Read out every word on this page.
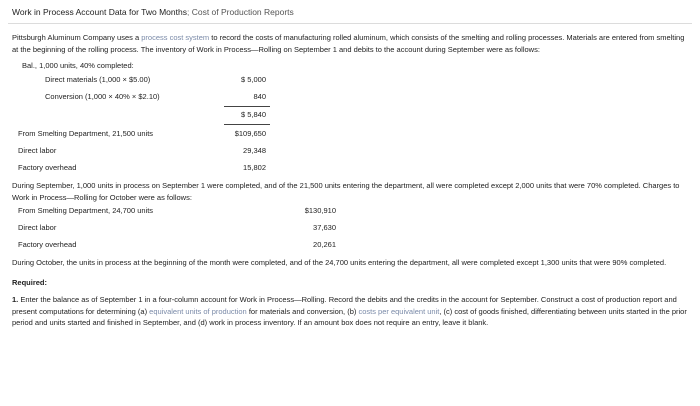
Work in Process Account Data for Two Months; Cost of Production Reports
Pittsburgh Aluminum Company uses a process cost system to record the costs of manufacturing rolled aluminum, which consists of the smelting and rolling processes. Materials are entered from smelting at the beginning of the rolling process. The inventory of Work in Process—Rolling on September 1 and debits to the account during September were as follows:
Bal., 1,000 units, 40% completed:
Direct materials (1,000 × $5.00)	$ 5,000
Conversion (1,000 × 40% × $2.10)	840
$ 5,840
From Smelting Department, 21,500 units	$109,650
Direct labor	29,348
Factory overhead	15,802
During September, 1,000 units in process on September 1 were completed, and of the 21,500 units entering the department, all were completed except 2,000 units that were 70% completed. Charges to Work in Process—Rolling for October were as follows:
From Smelting Department, 24,700 units	$130,910
Direct labor	37,630
Factory overhead	20,261
During October, the units in process at the beginning of the month were completed, and of the 24,700 units entering the department, all were completed except 1,300 units that were 90% completed.
Required:
1. Enter the balance as of September 1 in a four-column account for Work in Process—Rolling. Record the debits and the credits in the account for September. Construct a cost of production report and present computations for determining (a) equivalent units of production for materials and conversion, (b) costs per equivalent unit, (c) cost of goods finished, differentiating between units started in the prior period and units started and finished in September, and (d) work in process inventory. If an amount box does not require an entry, leave it blank.
